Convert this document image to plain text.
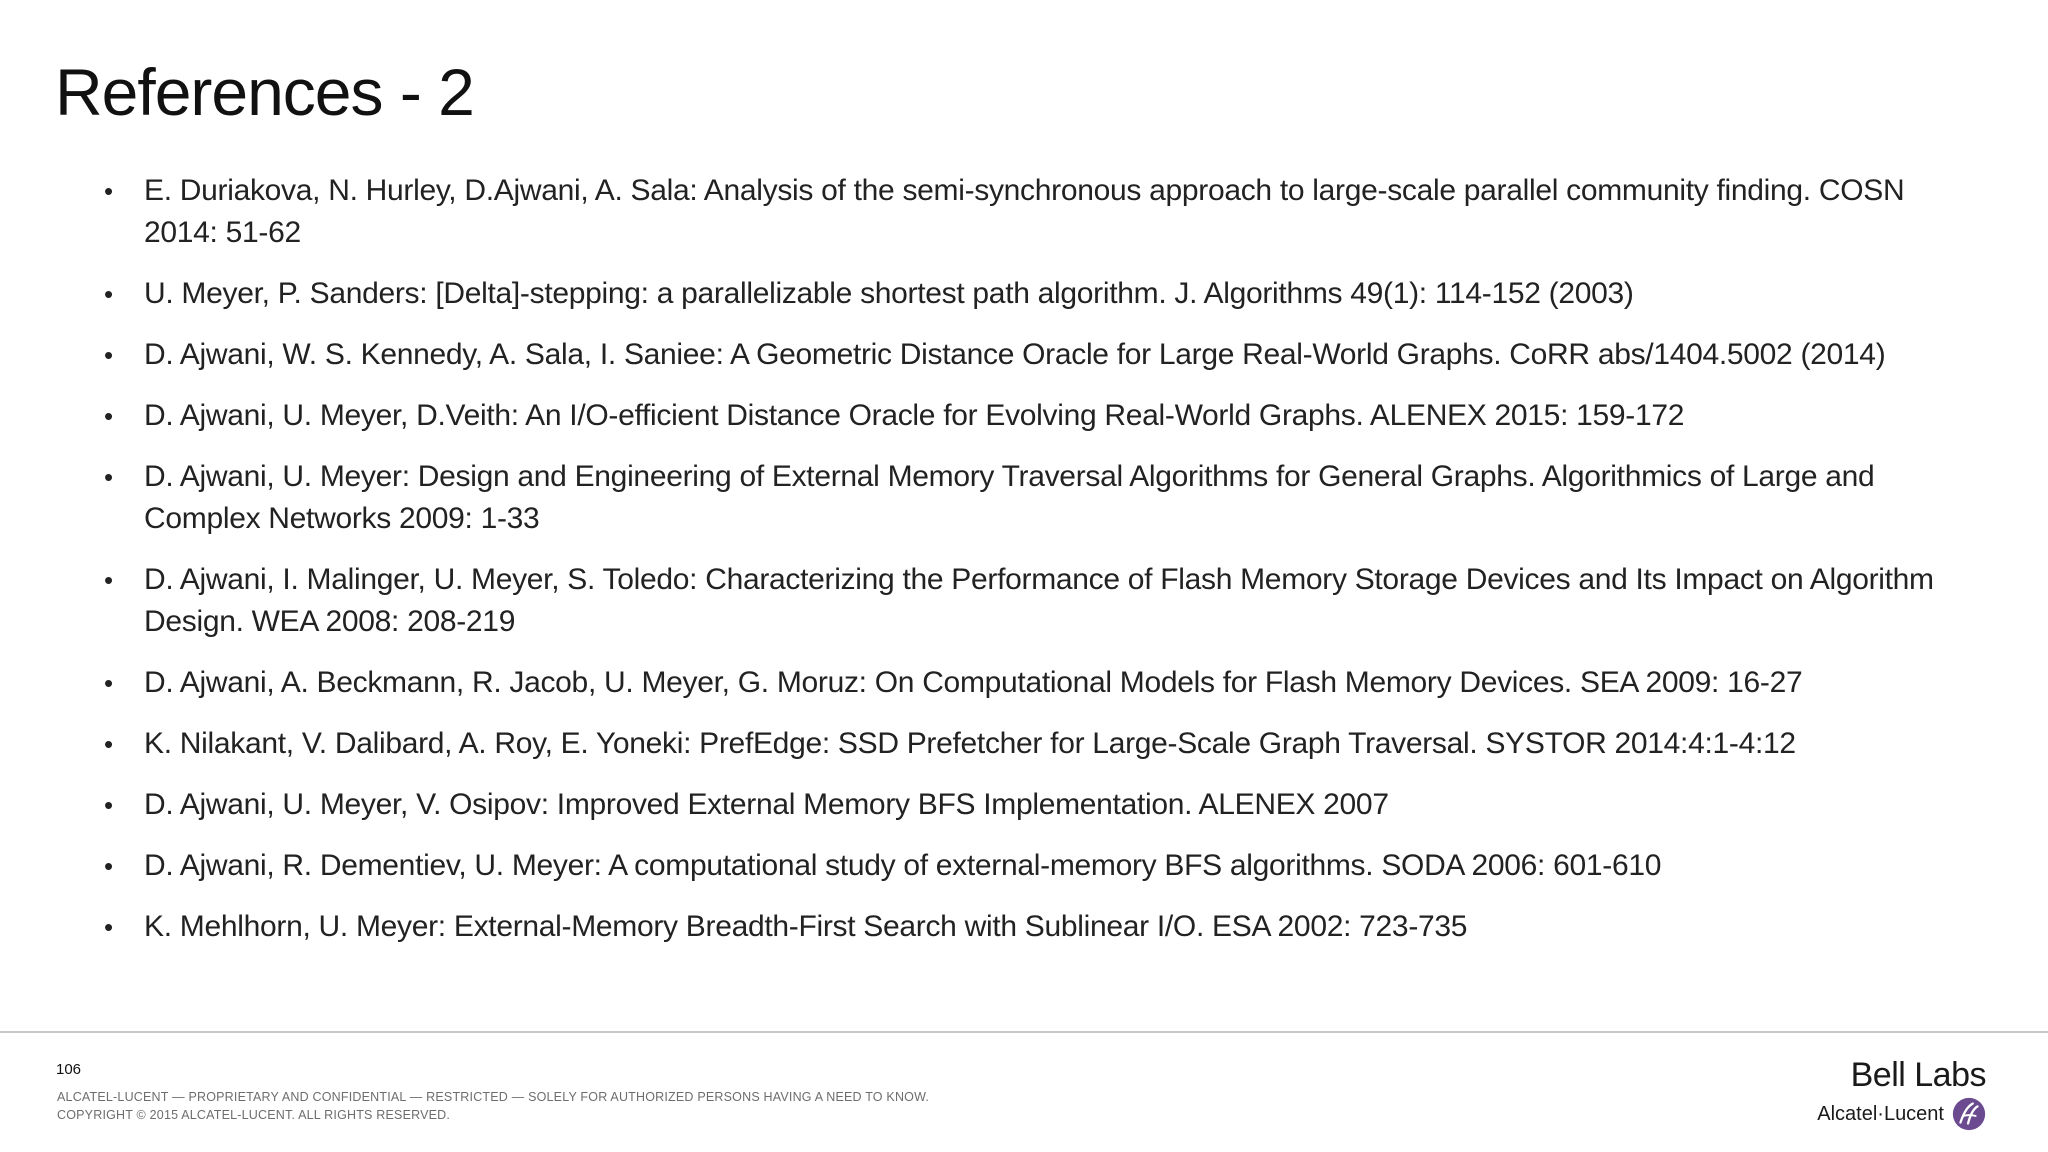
References - 2
• E. Duriakova, N. Hurley, D.Ajwani, A. Sala: Analysis of the semi-synchronous approach to large-scale parallel community finding. COSN 2014: 51-62
• U. Meyer, P. Sanders: [Delta]-stepping: a parallelizable shortest path algorithm. J. Algorithms 49(1): 114-152 (2003)
• D. Ajwani, W. S. Kennedy, A. Sala, I. Saniee: A Geometric Distance Oracle for Large Real-World Graphs. CoRR abs/1404.5002 (2014)
• D. Ajwani, U. Meyer, D.Veith: An I/O-efficient Distance Oracle for Evolving Real-World Graphs. ALENEX 2015: 159-172
• D. Ajwani, U. Meyer: Design and Engineering of External Memory Traversal Algorithms for General Graphs. Algorithmics of Large and Complex Networks 2009: 1-33
• D. Ajwani, I. Malinger, U. Meyer, S. Toledo: Characterizing the Performance of Flash Memory Storage Devices and Its Impact on Algorithm Design. WEA 2008: 208-219
• D. Ajwani, A. Beckmann, R. Jacob, U. Meyer, G. Moruz: On Computational Models for Flash Memory Devices. SEA 2009: 16-27
• K. Nilakant, V. Dalibard, A. Roy, E. Yoneki: PrefEdge: SSD Prefetcher for Large-Scale Graph Traversal. SYSTOR 2014:4:1-4:12
• D. Ajwani, U. Meyer, V. Osipov: Improved External Memory BFS Implementation. ALENEX 2007
• D. Ajwani, R. Dementiev, U. Meyer: A computational study of external-memory BFS algorithms. SODA 2006: 601-610
• K. Mehlhorn, U. Meyer: External-Memory Breadth-First Search with Sublinear I/O. ESA 2002: 723-735
106
ALCATEL-LUCENT — PROPRIETARY AND CONFIDENTIAL — RESTRICTED — SOLELY FOR AUTHORIZED PERSONS HAVING A NEED TO KNOW.
COPYRIGHT © 2015 ALCATEL-LUCENT. ALL RIGHTS RESERVED.
Bell Labs
Alcatel·Lucent
